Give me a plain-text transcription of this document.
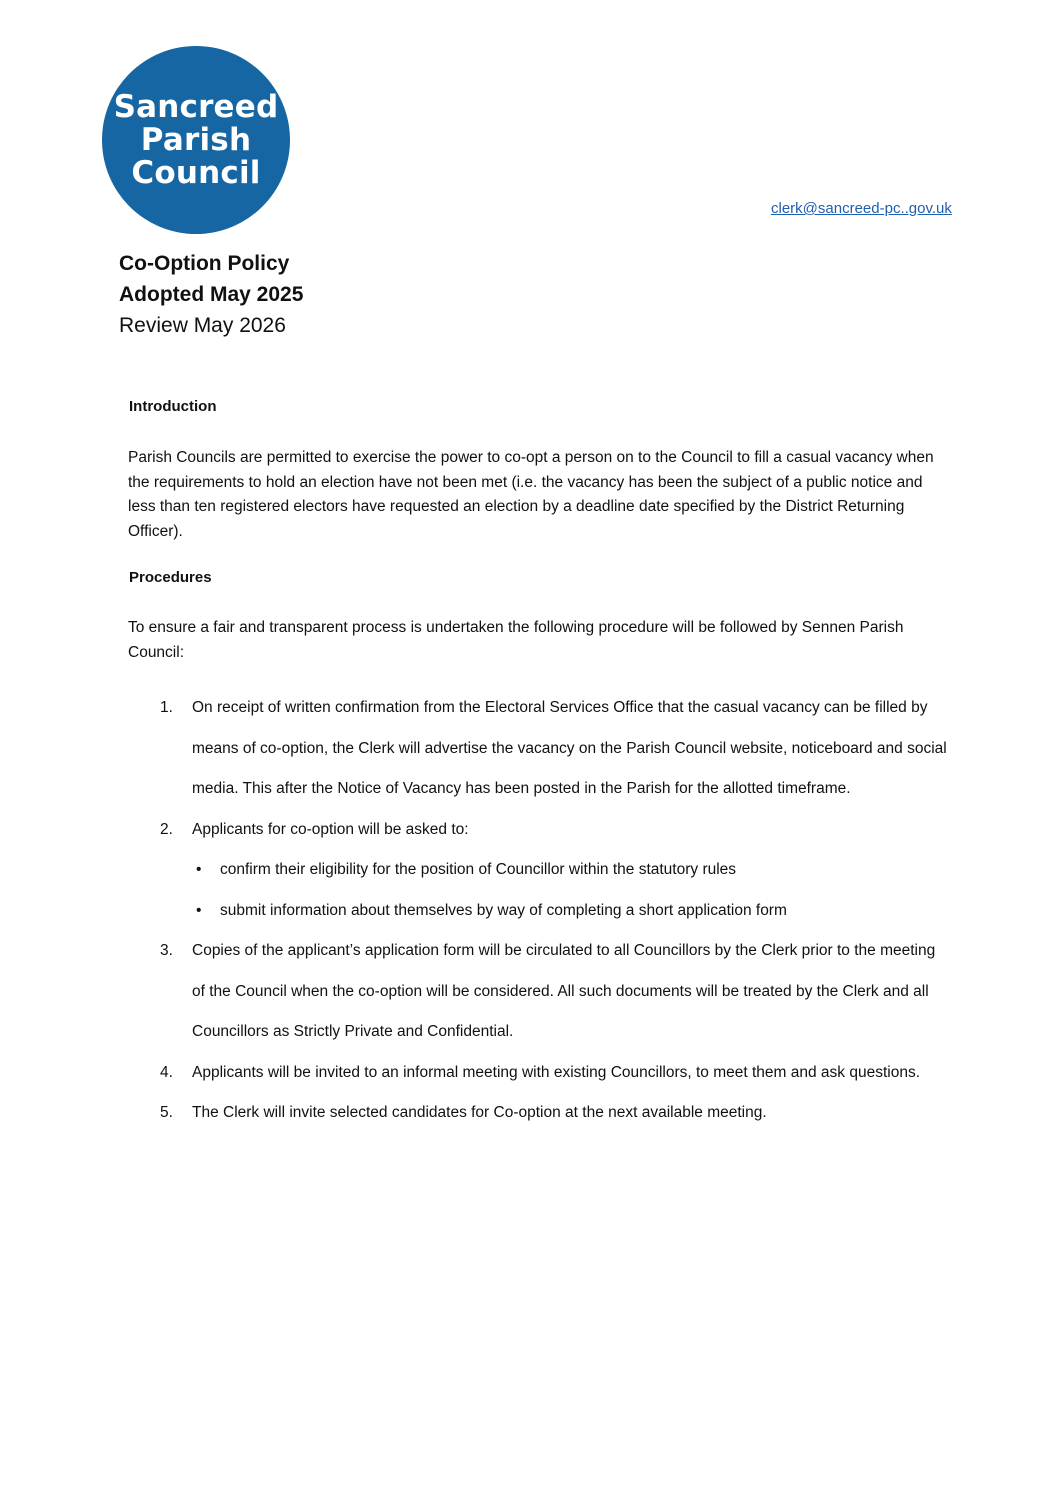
Sancreed
Parish
Council
clerk@sancreed-pc..gov.uk
Co-Option Policy
Adopted May 2025
Review May 2026
Introduction
Parish Councils are permitted to exercise the power to co-opt a person on to the Council to fill a casual vacancy when the requirements to hold an election have not been met (i.e. the vacancy has been the subject of a public notice and less than ten registered electors have requested an election by a deadline date specified by the District Returning Officer).
Procedures
To ensure a fair and transparent process is undertaken the following procedure will be followed by Sennen Parish Council:
1. On receipt of written confirmation from the Electoral Services Office that the casual vacancy can be filled by means of co-option, the Clerk will advertise the vacancy on the Parish Council website, noticeboard and social media. This after the Notice of Vacancy has been posted in the Parish for the allotted timeframe.
2. Applicants for co-option will be asked to:
• confirm their eligibility for the position of Councillor within the statutory rules
• submit information about themselves by way of completing a short application form
3. Copies of the applicant’s application form will be circulated to all Councillors by the Clerk prior to the meeting of the Council when the co-option will be considered. All such documents will be treated by the Clerk and all Councillors as Strictly Private and Confidential.
4. Applicants will be invited to an informal meeting with existing Councillors, to meet them and ask questions.
5. The Clerk will invite selected candidates for Co-option at the next available meeting.
